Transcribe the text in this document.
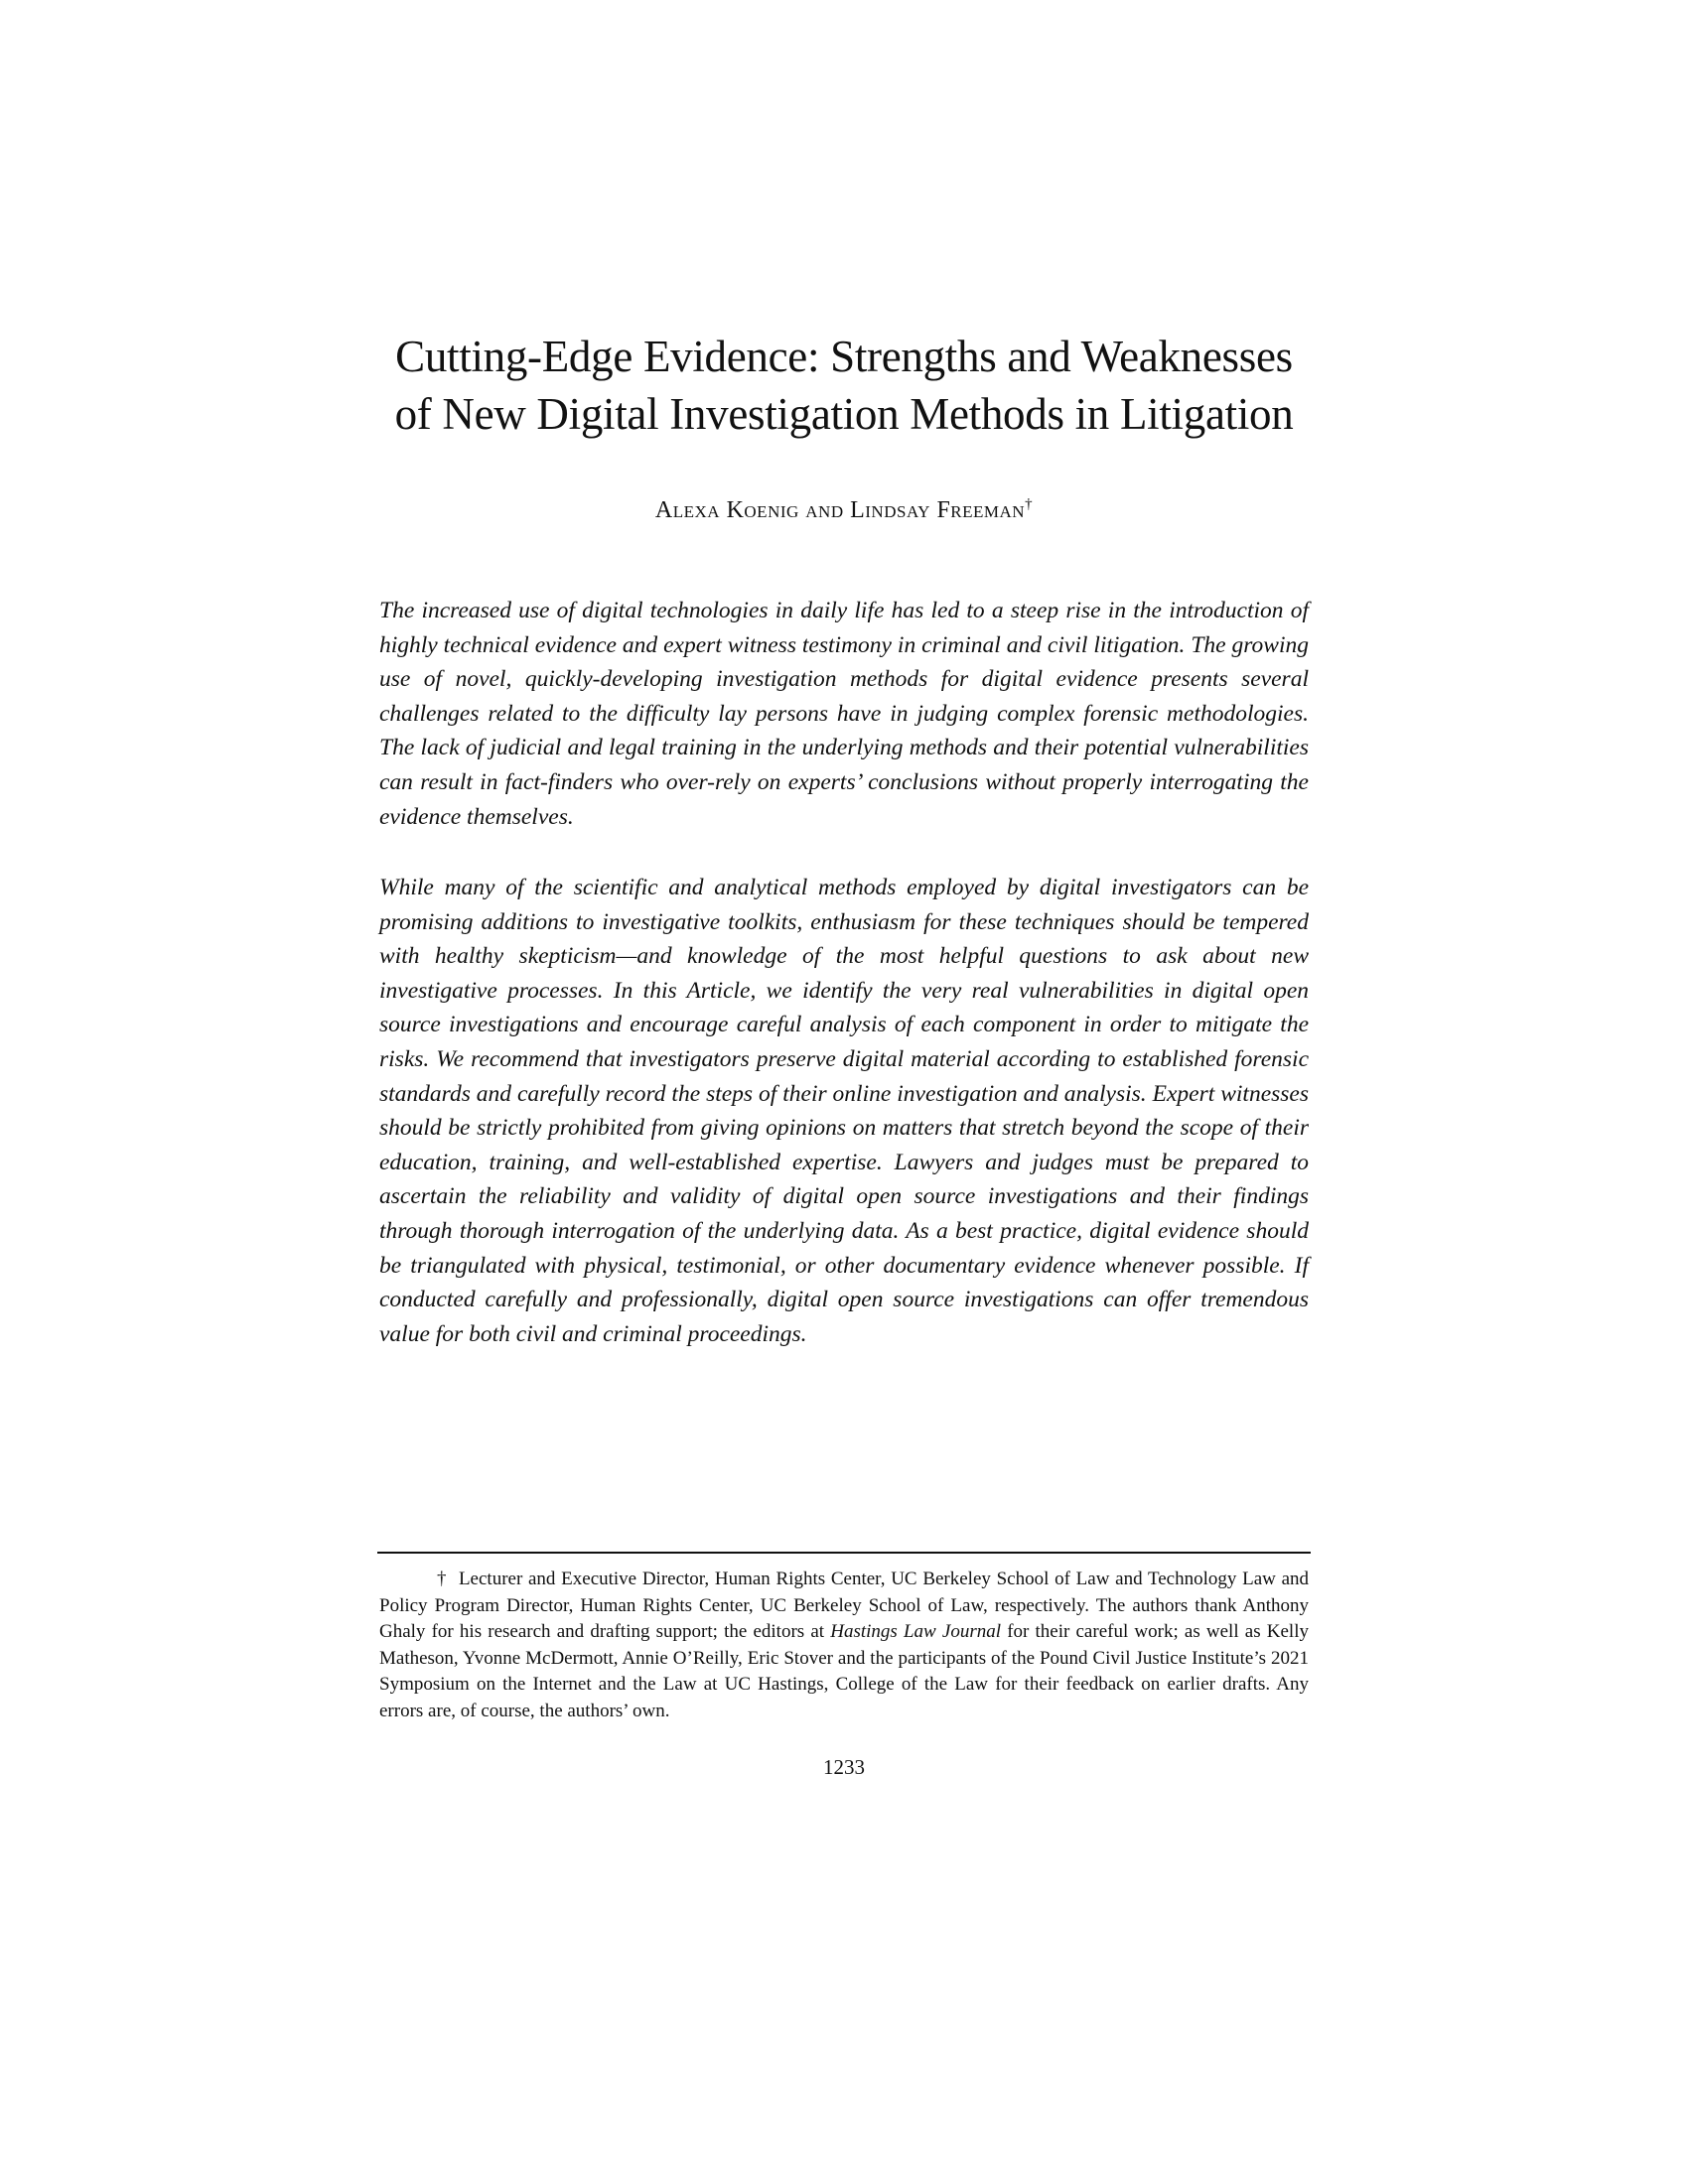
Cutting-Edge Evidence: Strengths and Weaknesses of New Digital Investigation Methods in Litigation
Alexa Koenig and Lindsay Freeman†

The increased use of digital technologies in daily life has led to a steep rise in the introduction of highly technical evidence and expert witness testimony in criminal and civil litigation. The growing use of novel, quickly-developing investigation methods for digital evidence presents several challenges related to the difficulty lay persons have in judging complex forensic methodologies. The lack of judicial and legal training in the underlying methods and their potential vulnerabilities can result in fact-finders who over-rely on experts’ conclusions without properly interrogating the evidence themselves.

While many of the scientific and analytical methods employed by digital investigators can be promising additions to investigative toolkits, enthusiasm for these techniques should be tempered with healthy skepticism—and knowledge of the most helpful questions to ask about new investigative processes. In this Article, we identify the very real vulnerabilities in digital open source investigations and encourage careful analysis of each component in order to mitigate the risks. We recommend that investigators preserve digital material according to established forensic standards and carefully record the steps of their online investigation and analysis. Expert witnesses should be strictly prohibited from giving opinions on matters that stretch beyond the scope of their education, training, and well-established expertise. Lawyers and judges must be prepared to ascertain the reliability and validity of digital open source investigations and their findings through thorough interrogation of the underlying data. As a best practice, digital evidence should be triangulated with physical, testimonial, or other documentary evidence whenever possible. If conducted carefully and professionally, digital open source investigations can offer tremendous value for both civil and criminal proceedings.

† Lecturer and Executive Director, Human Rights Center, UC Berkeley School of Law and Technology Law and Policy Program Director, Human Rights Center, UC Berkeley School of Law, respectively. The authors thank Anthony Ghaly for his research and drafting support; the editors at Hastings Law Journal for their careful work; as well as Kelly Matheson, Yvonne McDermott, Annie O’Reilly, Eric Stover and the participants of the Pound Civil Justice Institute’s 2021 Symposium on the Internet and the Law at UC Hastings, College of the Law for their feedback on earlier drafts. Any errors are, of course, the authors’ own.

1233
